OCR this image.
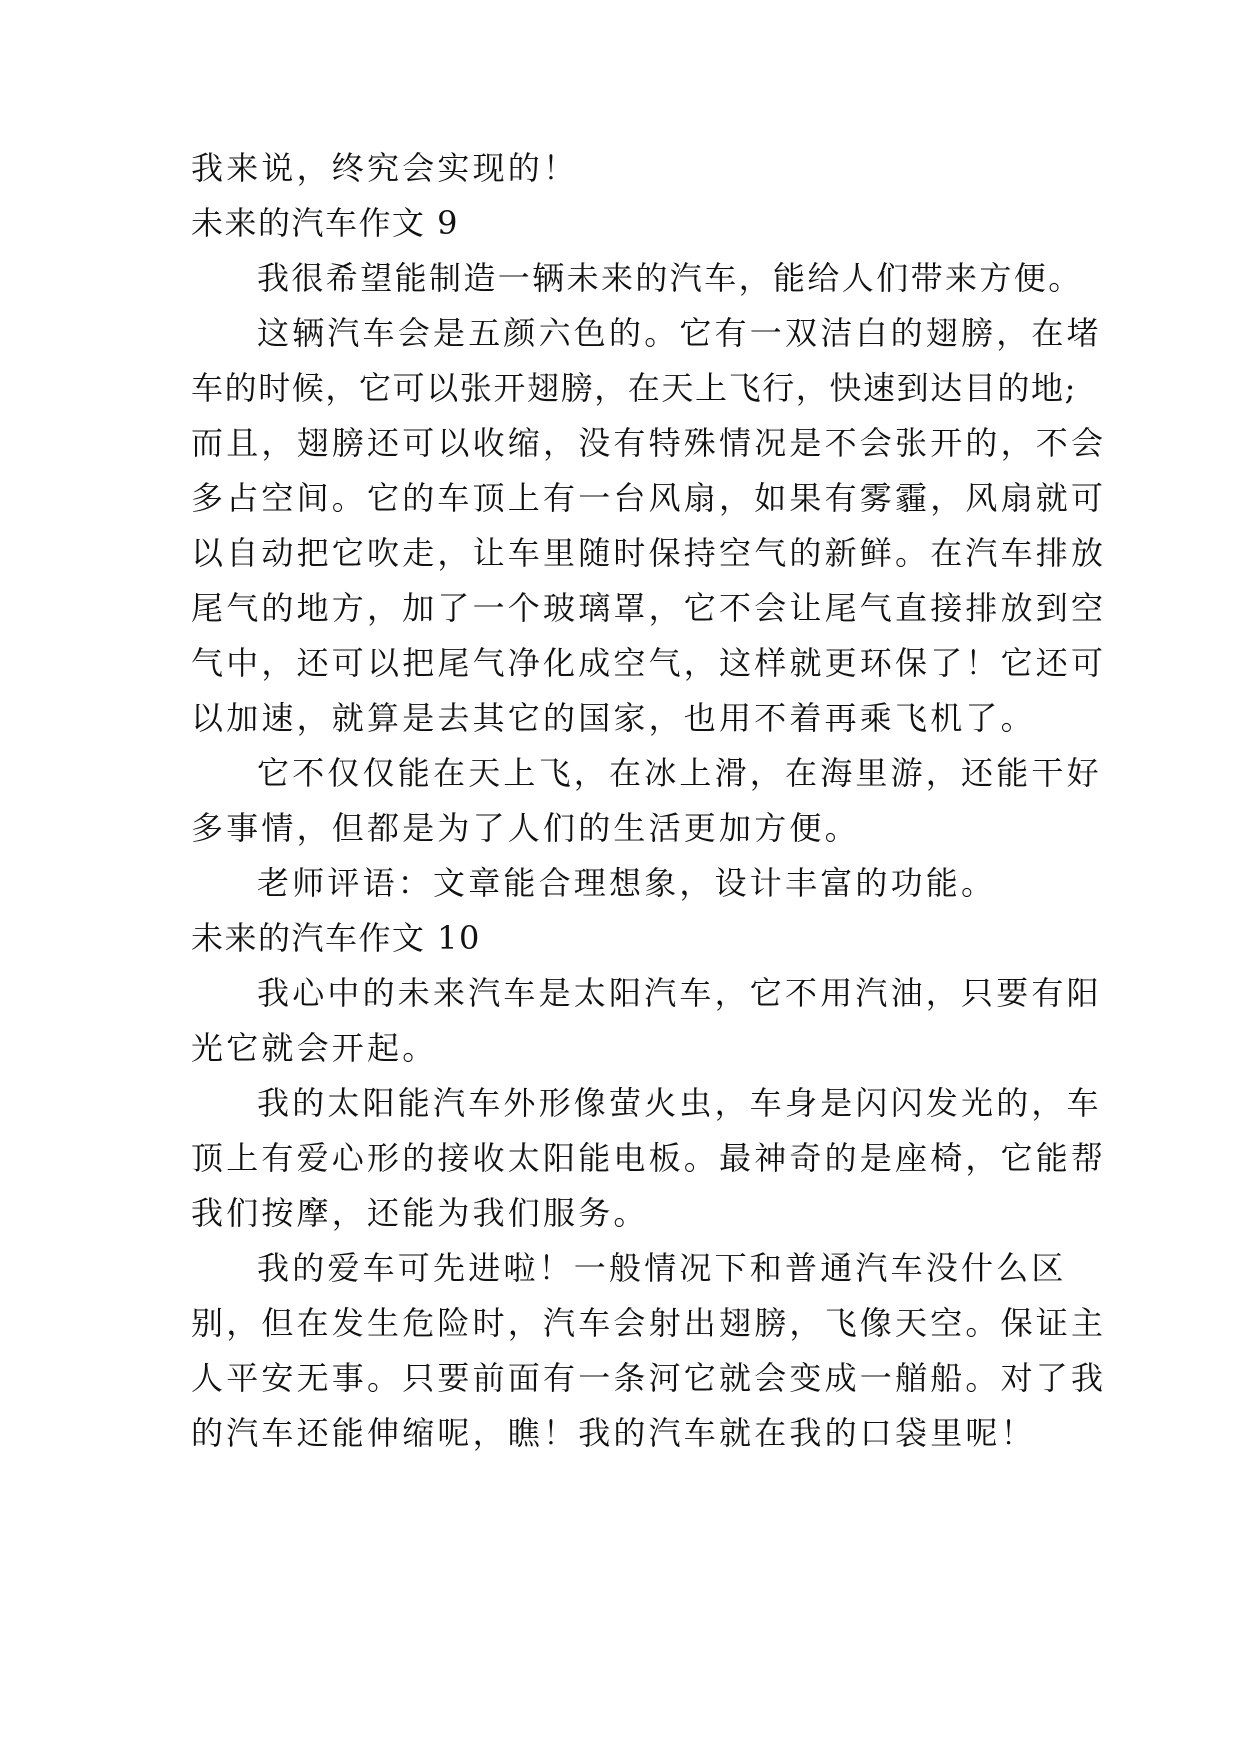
我来说，终究会实现的！
未来的汽车作文 9
我很希望能制造一辆未来的汽车，能给人们带来方便。
这辆汽车会是五颜六色的。它有一双洁白的翅膀，在堵
车的时候，它可以张开翅膀，在天上飞行，快速到达目的地;
而且，翅膀还可以收缩，没有特殊情况是不会张开的，不会
多占空间。它的车顶上有一台风扇，如果有雾霾，风扇就可
以自动把它吹走，让车里随时保持空气的新鲜。在汽车排放
尾气的地方，加了一个玻璃罩，它不会让尾气直接排放到空
气中，还可以把尾气净化成空气，这样就更环保了！它还可
以加速，就算是去其它的国家，也用不着再乘飞机了。
它不仅仅能在天上飞，在冰上滑，在海里游，还能干好
多事情，但都是为了人们的生活更加方便。
老师评语：文章能合理想象，设计丰富的功能。
未来的汽车作文 10
我心中的未来汽车是太阳汽车，它不用汽油，只要有阳
光它就会开起。
我的太阳能汽车外形像萤火虫，车身是闪闪发光的，车
顶上有爱心形的接收太阳能电板。最神奇的是座椅，它能帮
我们按摩，还能为我们服务。
我的爱车可先进啦！一般情况下和普通汽车没什么区
别，但在发生危险时，汽车会射出翅膀，飞像天空。保证主
人平安无事。只要前面有一条河它就会变成一艏船。对了我
的汽车还能伸缩呢，瞧！我的汽车就在我的口袋里呢！
